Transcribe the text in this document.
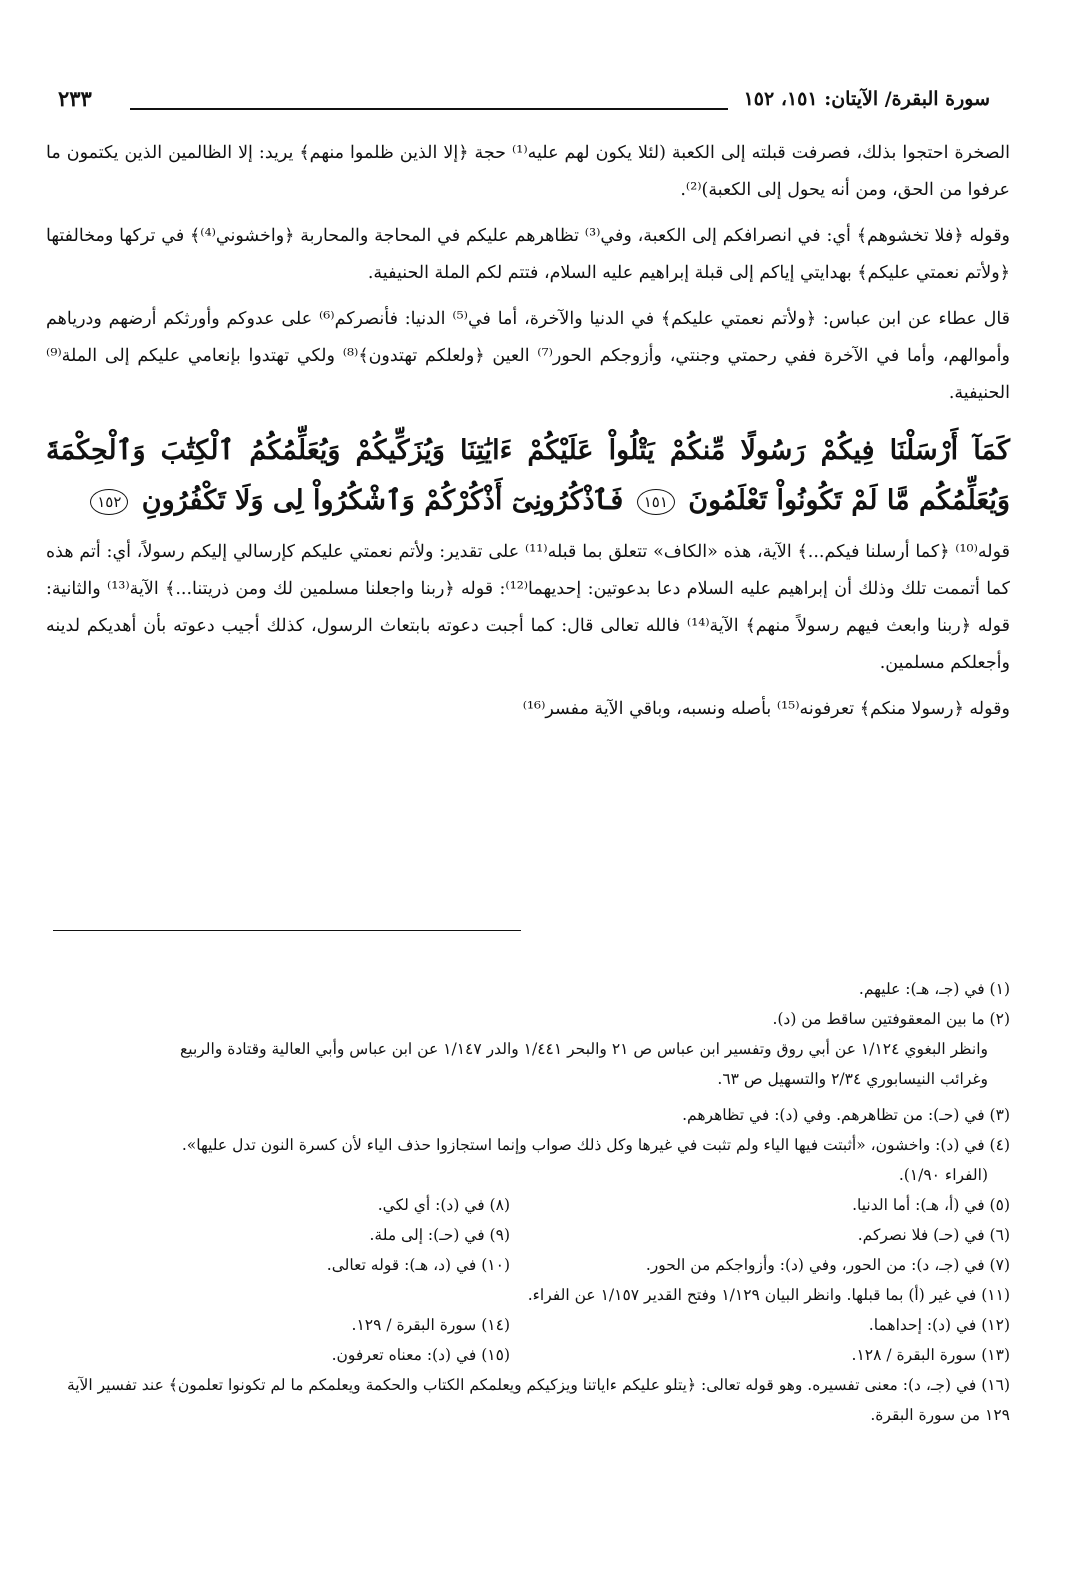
سورة البقرة/ الآيتان: ١٥١، ١٥٢
٢٣٣

الصخرة احتجوا بذلك، فصرفت قبلته إلى الكعبة (لئلا يكون لهم عليه⁽¹⁾ حجة ﴿إلا الذين ظلموا منهم﴾ يريد: إلا الظالمين الذين يكتمون ما عرفوا من الحق، ومن أنه يحول إلى الكعبة)⁽²⁾.

وقوله ﴿فلا تخشوهم﴾ أي: في انصرافكم إلى الكعبة، وفي⁽³⁾ تظاهرهم عليكم في المحاجة والمحاربة ﴿واخشوني⁽⁴⁾﴾ في تركها ومخالفتها ﴿ولأتم نعمتي عليكم﴾ بهدايتي إياكم إلى قبلة إبراهيم عليه السلام، فتتم لكم الملة الحنيفية.

قال عطاء عن ابن عباس: ﴿ولأتم نعمتي عليكم﴾ في الدنيا والآخرة، أما في⁽⁵⁾ الدنيا: فأنصركم⁽⁶⁾ على عدوكم وأورثكم أرضهم ودرياهم وأموالهم، وأما في الآخرة ففي رحمتي وجنتي، وأزوجكم الحور⁽⁷⁾ العين ﴿ولعلكم تهتدون﴾⁽⁸⁾ ولكي تهتدوا بإنعامي عليكم إلى الملة⁽⁹⁾ الحنيفية.

كَمَآ أَرْسَلْنَا فِيكُمْ رَسُولًا مِّنكُمْ يَتْلُواْ عَلَيْكُمْ ءَايَٰتِنَا وَيُزَكِّيكُمْ وَيُعَلِّمُكُمُ ٱلْكِتَٰبَ وَٱلْحِكْمَةَ وَيُعَلِّمُكُم مَّا لَمْ تَكُونُواْ تَعْلَمُونَ ١٥١ فَٱذْكُرُونِىٓ أَذْكُرْكُمْ وَٱشْكُرُواْ لِى وَلَا تَكْفُرُونِ ١٥٢

قوله⁽¹⁰⁾ ﴿كما أرسلنا فيكم...﴾ الآية، هذه «الكاف» تتعلق بما قبله⁽¹¹⁾ على تقدير: ولأتم نعمتي عليكم كإرسالي إليكم رسولاً، أي: أتم هذه كما أتممت تلك وذلك أن إبراهيم عليه السلام دعا بدعوتين: إحديهما⁽¹²⁾: قوله ﴿ربنا واجعلنا مسلمين لك ومن ذريتنا...﴾ الآية⁽¹³⁾ والثانية: قوله ﴿ربنا وابعث فيهم رسولاً منهم﴾ الآية⁽¹⁴⁾ فالله تعالى قال: كما أجبت دعوته بابتعاث الرسول، كذلك أجيب دعوته بأن أهديكم لدينه وأجعلكم مسلمين.

وقوله ﴿رسولا منكم﴾ تعرفونه⁽¹⁵⁾ بأصله ونسبه، وباقي الآية مفسر⁽¹⁶⁾

(١) في (جـ، هـ): عليهم.

(٢) ما بين المعقوفتين ساقط من (د).

وانظر البغوي ١/١٢٤ عن أبي روق وتفسير ابن عباس ص ٢١ والبحر ١/٤٤١ والدر ١/١٤٧ عن ابن عباس وأبي العالية وقتادة والربيع

وغرائب النيسابوري ٢/٣٤ والتسهيل ص ٦٣.

(٣) في (حـ): من تظاهرهم. وفي (د): في تظاهرهم.

(٤) في (د): واخشون، «أثبتت فيها الياء ولم تثبت في غيرها وكل ذلك صواب وإنما استجازوا حذف الياء لأن كسرة النون تدل عليها».

(الفراء ١/٩٠).

(٥) في (أ، هـ): أما الدنيا.
(٨) في (د): أي لكي.
(٦) في (حـ) فلا نصركم.
(٩) في (حـ): إلى ملة.
(٧) في (جـ، د): من الحور، وفي (د): وأزواجكم من الحور.
(١٠) في (د، هـ): قوله تعالى.

(١١) في غير (أ) بما قبلها. وانظر البيان ١/١٢٩ وفتح القدير ١/١٥٧ عن الفراء.

(١٢) في (د): إحداهما.
(١٤) سورة البقرة / ١٢٩.
(١٣) سورة البقرة / ١٢٨.
(١٥) في (د): معناه تعرفون.

(١٦) في (جـ، د): معنى تفسيره. وهو قوله تعالى: ﴿يتلو عليكم ءاياتنا ويزكيكم ويعلمكم الكتاب والحكمة ويعلمكم ما لم تكونوا تعلمون﴾ عند تفسير الآية ١٢٩ من سورة البقرة.
